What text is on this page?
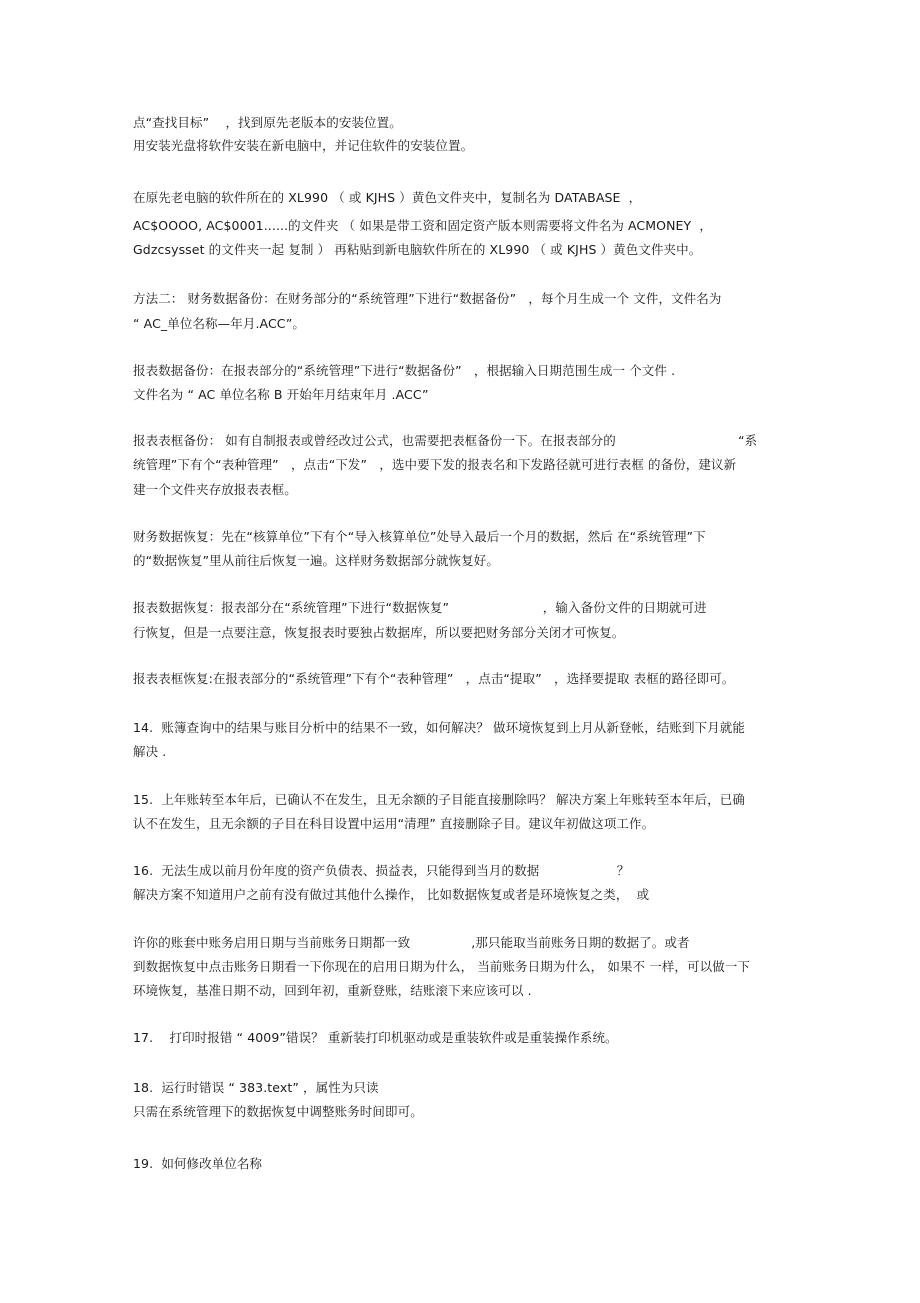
点“查找目标”    ，找到原先老版本的安装位置。

用安装光盘将软件安装在新电脑中，并记住软件的安装位置。

在原先老电脑的软件所在的 XL990 （ 或 KJHS ）黄色文件夹中，复制名为 DATABASE  ，

AC$OOOO, AC$0001......的文件夹 （ 如果是带工资和固定资产版本则需要将文件名为 ACMONEY  ，

Gdzcsysset 的文件夹一起 复制 ） 再粘贴到新电脑软件所在的 XL990 （ 或 KJHS ）黄色文件夹中。

方法二： 财务数据备份：在财务部分的“系统管理”下进行“数据备份”   ，每个月生成一个 文件，文件名为

“ AC_单位名称—年月.ACC”。

报表数据备份：在报表部分的“系统管理”下进行“数据备份”   ，根据输入日期范围生成一 个文件 .

文件名为 “ AC 单位名称 B 开始年月结束年月 .ACC”

报表表框备份： 如有自制报表或曾经改过公式，也需要把表框备份一下。在报表部分的                              “系

统管理”下有个“表种管理”   ，点击“下发”   ，选中要下发的报表名和下发路径就可进行表框 的备份，建议新

建一个文件夹存放报表表框。

财务数据恢复：先在“核算单位”下有个“导入核算单位”处导入最后一个月的数据，然后 在“系统管理”下

的“数据恢复”里从前往后恢复一遍。这样财务数据部分就恢复好。

报表数据恢复：报表部分在“系统管理”下进行“数据恢复”                       ，输入备份文件的日期就可进

行恢复，但是一点要注意，恢复报表时要独占数据库，所以要把财务部分关闭才可恢复。

报表表框恢复:在报表部分的“系统管理”下有个“表种管理”   ，点击“提取”   ，选择要提取 表框的路径即可。

14.  账簿查询中的结果与账目分析中的结果不一致，如何解决？ 做环境恢复到上月从新登帐，结账到下月就能

解决 .

15.  上年账转至本年后，已确认不在发生，且无余额的子目能直接删除吗？ 解决方案上年账转至本年后，已确

认不在发生，且无余额的子目在科目设置中运用“清理” 直接删除子目。建议年初做这项工作。

16.  无法生成以前月份年度的资产负债表、损益表，只能得到当月的数据                   ？

解决方案不知道用户之前有没有做过其他什么操作， 比如数据恢复或者是环境恢复之类，  或

许你的账套中账务启用日期与当前账务日期都一致               ,那只能取当前账务日期的数据了。或者

到数据恢复中点击账务日期看一下你现在的启用日期为什么， 当前账务日期为什么， 如果不 一样，可以做一下

环境恢复，基准日期不动，回到年初，重新登账，结账滚下来应该可以 .

17.    打印时报错 “ 4009”错误？ 重新装打印机驱动或是重装软件或是重装操作系统。

18.  运行时错误 “ 383.text” ，属性为只读

只需在系统管理下的数据恢复中调整账务时间即可。

19.  如何修改单位名称
